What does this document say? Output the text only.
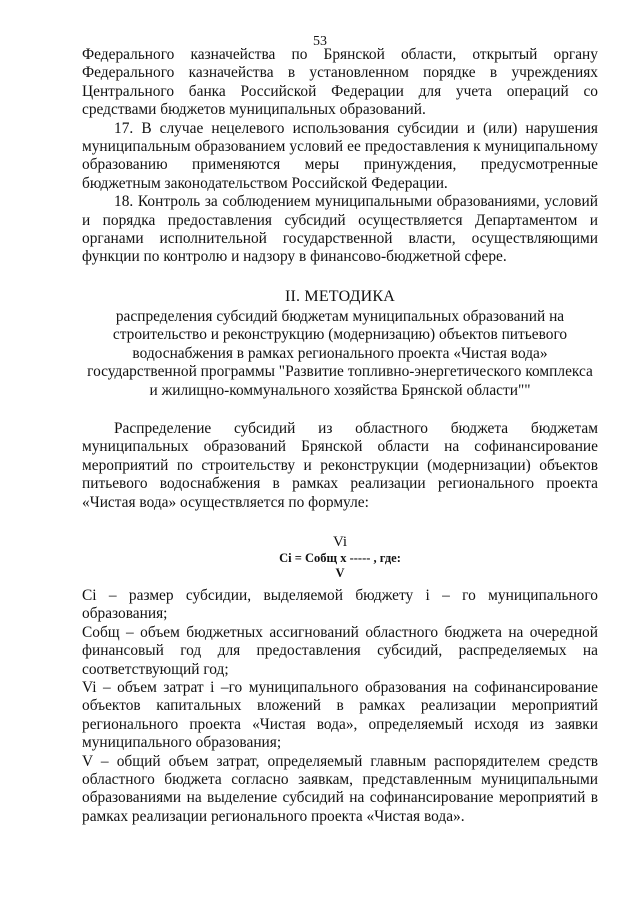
53

Федерального казначейства по Брянской области, открытый органу Федерального казначейства в установленном порядке в учреждениях Центрального банка Российской Федерации для учета операций со средствами бюджетов муниципальных образований.

17. В случае нецелевого использования субсидии и (или) нарушения муниципальным образованием условий ее предоставления к муниципальному образованию применяются меры принуждения, предусмотренные бюджетным законодательством Российской Федерации.

18. Контроль за соблюдением муниципальными образованиями, условий и порядка предоставления субсидий осуществляется Департаментом и органами исполнительной государственной власти, осуществляющими функции по контролю и надзору в финансово-бюджетной сфере.

II. МЕТОДИКА
распределения субсидий бюджетам муниципальных образований на строительство и реконструкцию (модернизацию) объектов питьевого водоснабжения в рамках регионального проекта «Чистая вода» государственной программы "Развитие топливно-энергетического комплекса и жилищно-коммунального хозяйства Брянской области""

Распределение субсидий из областного бюджета бюджетам муниципальных образований Брянской области на софинансирование мероприятий по строительству и реконструкции (модернизации) объектов питьевого водоснабжения в рамках реализации регионального проекта «Чистая вода» осуществляется по формуле:

Vi
Ci = Cобщ x ----- , где:
V

Ci – размер субсидии, выделяемой бюджету i – го муниципального образования;

Cобщ – объем бюджетных ассигнований областного бюджета на очередной финансовый год для предоставления субсидий, распределяемых на соответствующий год;

Vi – объем затрат i –го муниципального образования на софинансирование объектов капитальных вложений в рамках реализации мероприятий регионального проекта «Чистая вода», определяемый исходя из заявки муниципального образования;

V – общий объем затрат, определяемый главным распорядителем средств областного бюджета согласно заявкам, представленным муниципальными образованиями на выделение субсидий на софинансирование мероприятий в рамках реализации регионального проекта «Чистая вода».
